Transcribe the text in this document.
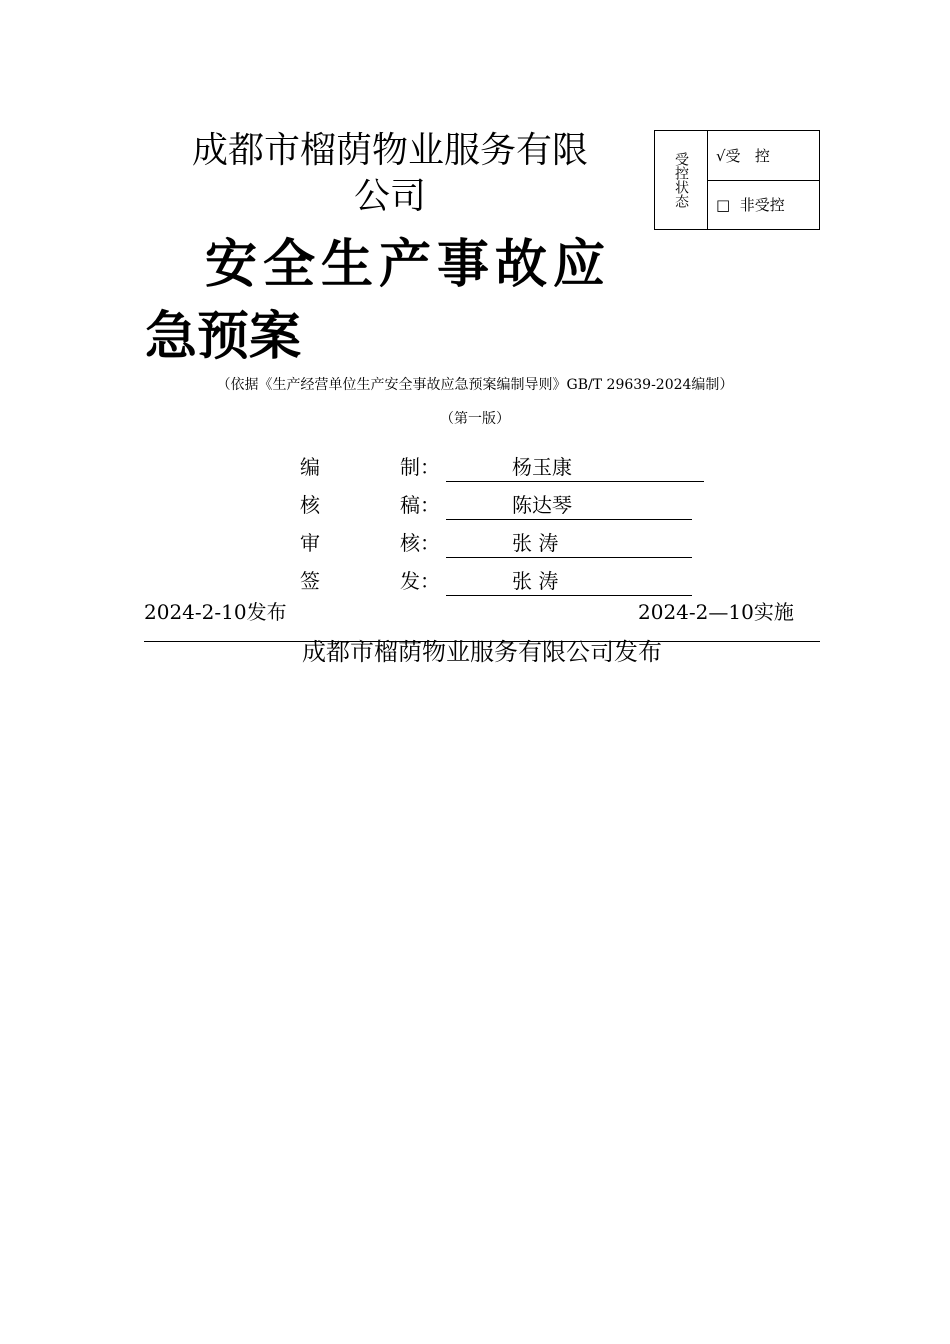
成都市榴荫物业服务有限
公司	受控状态	√受   控
□  非受控
安全生产事故应
急预案
（依据《生产经营单位生产安全事故应急预案编制导则》GB/T 29639-2024编制）
（第一版）
编	制：	杨玉康
核	稿：	陈达琴
审	核：	张 涛
签	发：	张 涛
2024-2-10发布	2024-2—10实施
成都市榴荫物业服务有限公司发布
